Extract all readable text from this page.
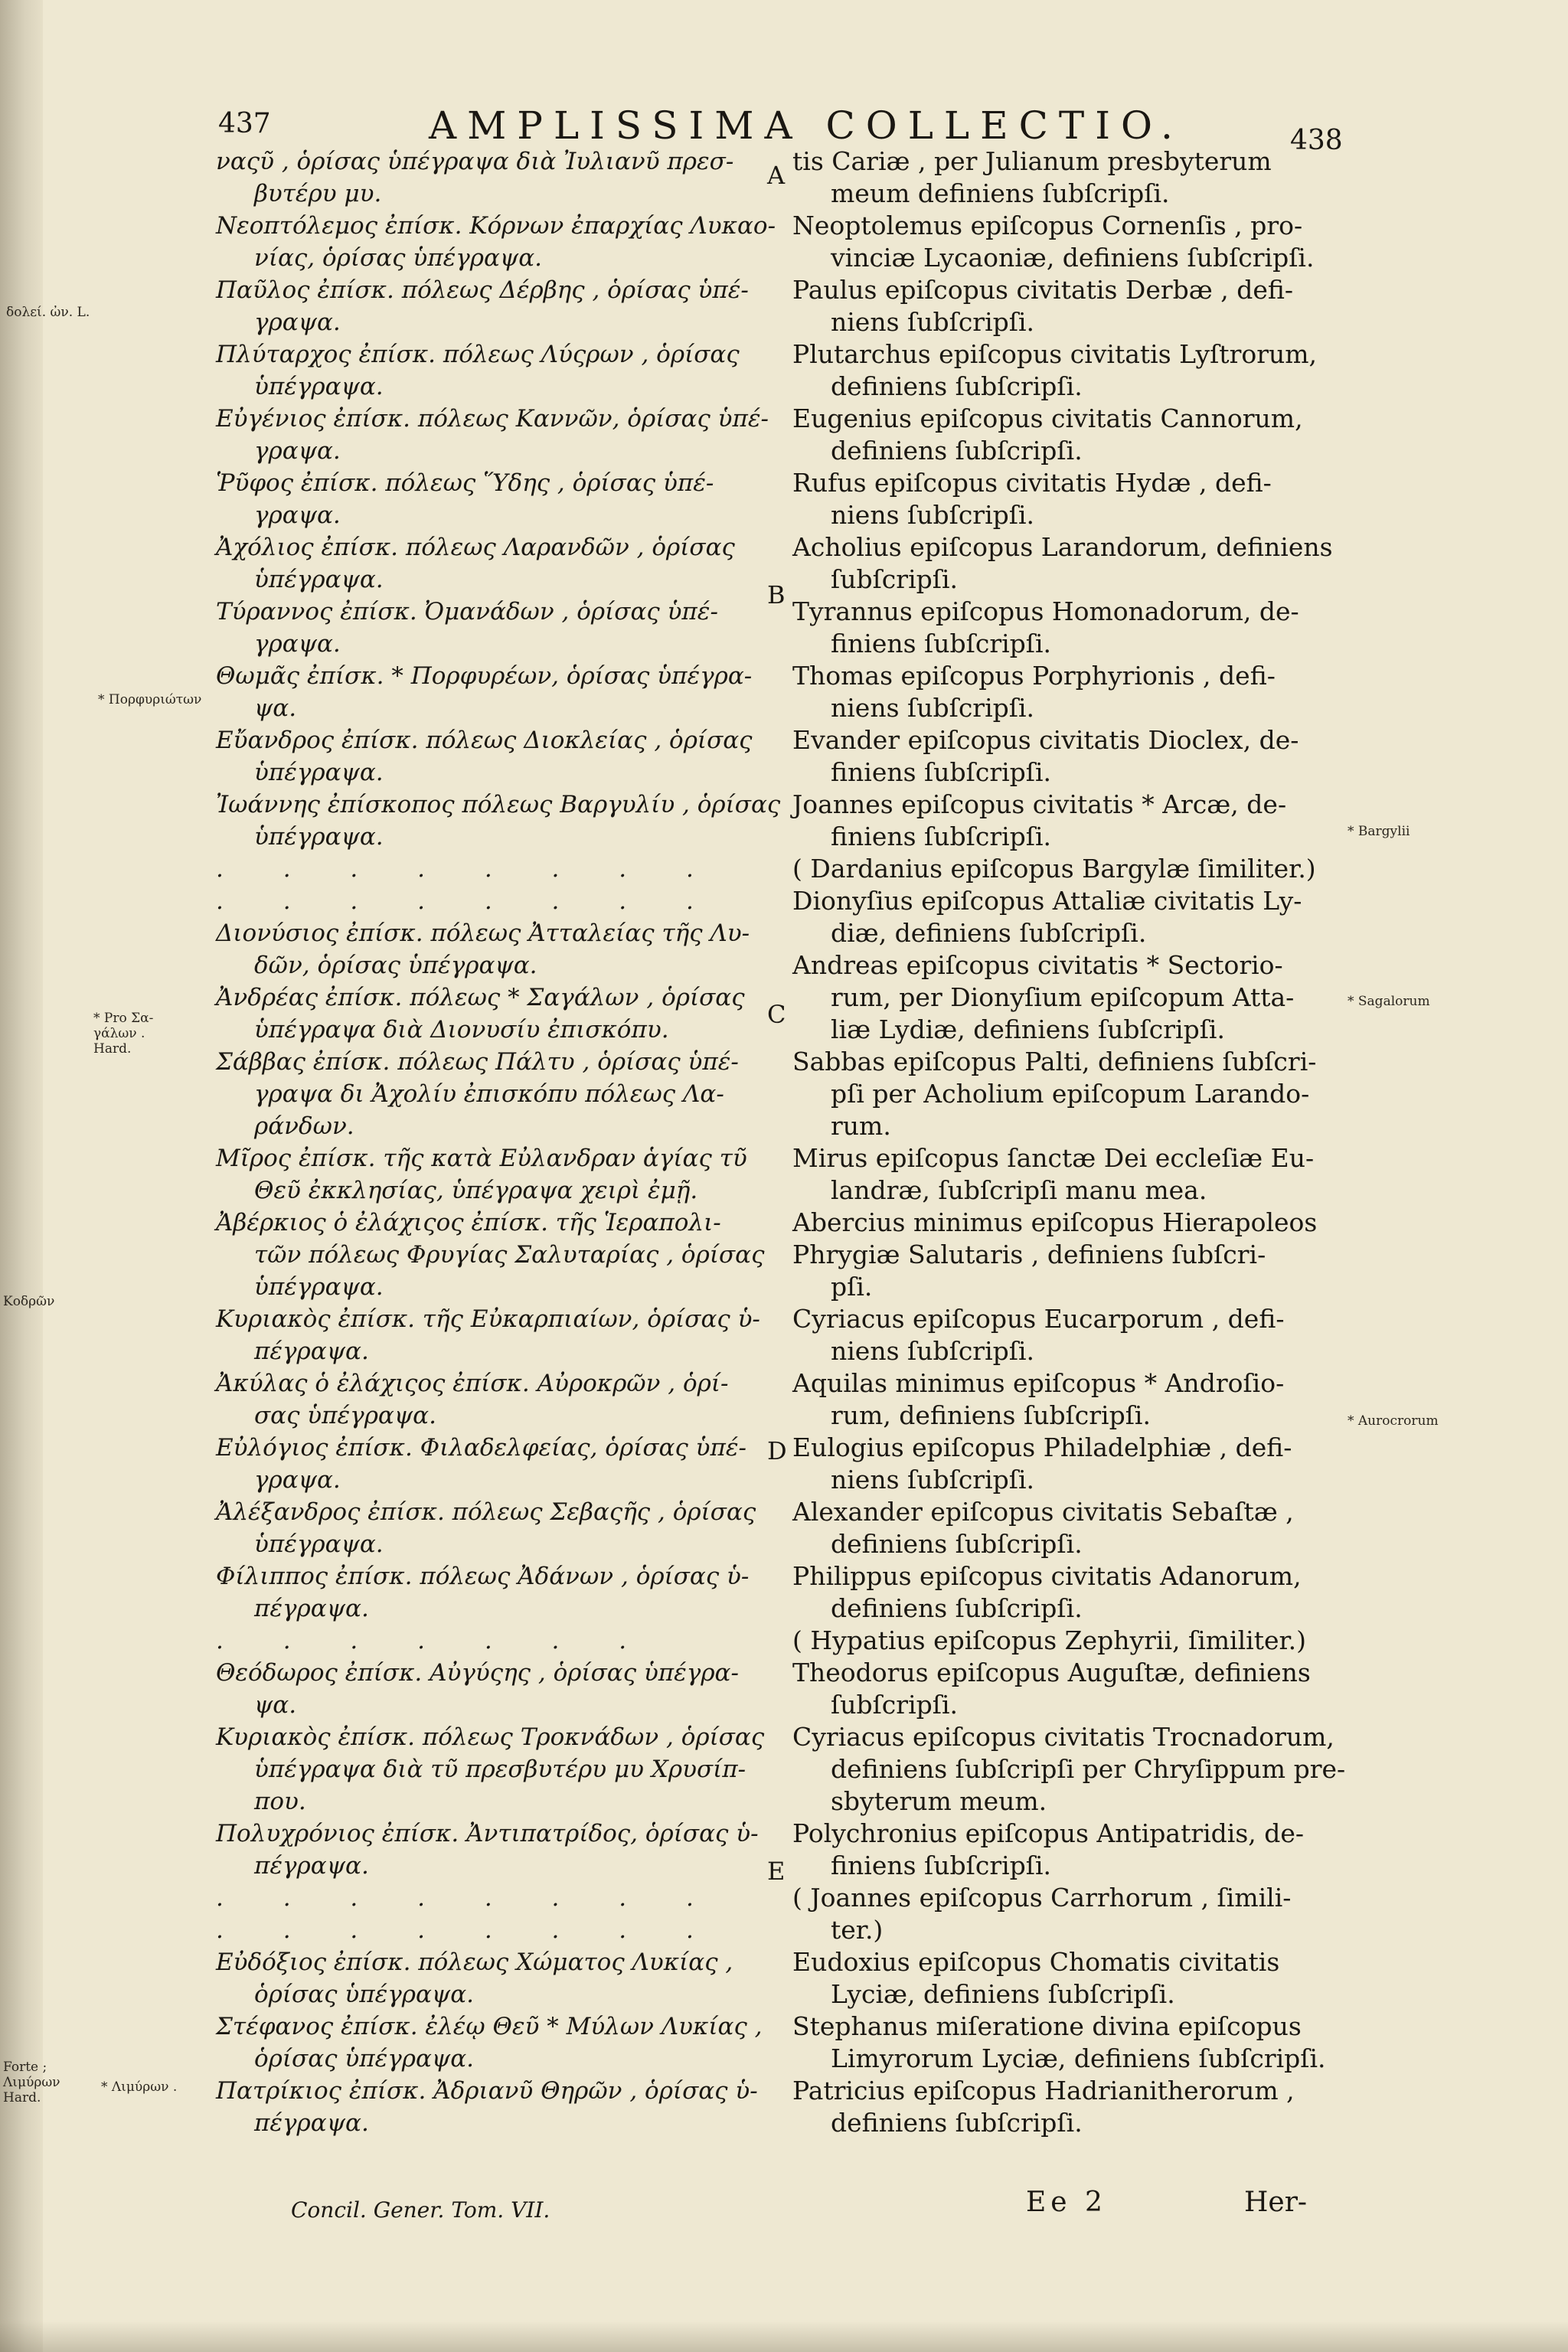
437	AMPLISSIMA COLLECTIO.	438
ναςῦ , ὁρίσας ὑπέγραψα διὰ Ἰυλιανῦ πρεσ-
βυτέρυ μυ.
Νεοπτόλεμος ἐπίσκ. Κόρνων ἐπαρχίας Λυκαο-
νίας, ὁρίσας ὑπέγραψα.
Παῦλος ἐπίσκ. πόλεως Δέρβης , ὁρίσας ὑπέ-
γραψα.
Πλύταρχος ἐπίσκ. πόλεως Λύςρων , ὁρίσας
ὑπέγραψα.
Εὐγένιος ἐπίσκ. πόλεως Καννῶν, ὁρίσας ὑπέ-
γραψα.
Ῥῦφος ἐπίσκ. πόλεως Ὕδης , ὁρίσας ὑπέ-
γραψα.
Ἀχόλιος ἐπίσκ. πόλεως Λαρανδῶν , ὁρίσας
ὑπέγραψα.
Τύραννος ἐπίσκ. Ὀμανάδων , ὁρίσας ὑπέ-
γραψα.
Θωμᾶς ἐπίσκ. * Πορφυρέων, ὁρίσας ὑπέγρα-
ψα.
Εὔανδρος ἐπίσκ. πόλεως Διοκλείας , ὁρίσας
ὑπέγραψα.
Ἰωάννης ἐπίσκοπος πόλεως Βαργυλίυ , ὁρίσας
ὑπέγραψα.
. . . . . . . .
. . . . . . . .
Διονύσιος ἐπίσκ. πόλεως Ἀτταλείας τῆς Λυ-
δῶν, ὁρίσας ὑπέγραψα.
Ἀνδρέας ἐπίσκ. πόλεως * Σαγάλων , ὁρίσας
ὑπέγραψα διὰ Διονυσίυ ἐπισκόπυ.
Σάββας ἐπίσκ. πόλεως Πάλτυ , ὁρίσας ὑπέ-
γραψα δι Ἀχολίυ ἐπισκόπυ πόλεως Λα-
ράνδων.
Μῖρος ἐπίσκ. τῆς κατὰ Εὐλανδραν ἁγίας τῦ
Θεῦ ἐκκλησίας, ὑπέγραψα χειρὶ ἐμῇ.
Ἀβέρκιος ὁ ἐλάχιςος ἐπίσκ. τῆς Ἱεραπολι-
τῶν πόλεως Φρυγίας Σαλυταρίας , ὁρίσας
ὑπέγραψα.
Κυριακὸς ἐπίσκ. τῆς Εὐκαρπιαίων, ὁρίσας ὑ-
πέγραψα.
Ἀκύλας ὁ ἐλάχιςος ἐπίσκ. Αὐροκρῶν , ὁρί-
σας ὑπέγραψα.
Εὐλόγιος ἐπίσκ. Φιλαδελφείας, ὁρίσας ὑπέ-
γραψα.
Ἀλέξανδρος ἐπίσκ. πόλεως Σεβαςῆς , ὁρίσας
ὑπέγραψα.
Φίλιππος ἐπίσκ. πόλεως Ἀδάνων , ὁρίσας ὑ-
πέγραψα.
. . . . . . .
Θεόδωρος ἐπίσκ. Αὐγύςης , ὁρίσας ὑπέγρα-
ψα.
Κυριακὸς ἐπίσκ. πόλεως Τροκνάδων , ὁρίσας
ὑπέγραψα διὰ τῦ πρεσβυτέρυ μυ Χρυσίπ-
που.
Πολυχρόνιος ἐπίσκ. Ἀντιπατρίδος, ὁρίσας ὑ-
πέγραψα.
. . . . . . . .
. . . . . . . .
Εὐδόξιος ἐπίσκ. πόλεως Χώματος Λυκίας ,
ὁρίσας ὑπέγραψα.
Στέφανος ἐπίσκ. ἐλέῳ Θεῦ * Μύλων Λυκίας ,
ὁρίσας ὑπέγραψα.
Πατρίκιος ἐπίσκ. Ἀδριανῦ Θηρῶν , ὁρίσας ὑ-
πέγραψα.
A
B
C
D
E
tis Cariæ , per Julianum presbyterum
meum definiens ſubſcripſi.
Neoptolemus epiſcopus Cornenſis , pro-
vinciæ Lycaoniæ, definiens ſubſcripſi.
Paulus epiſcopus civitatis Derbæ , defi-
niens ſubſcripſi.
Plutarchus epiſcopus civitatis Lyſtrorum,
definiens ſubſcripſi.
Eugenius epiſcopus civitatis Cannorum,
definiens ſubſcripſi.
Rufus epiſcopus civitatis Hydæ , defi-
niens ſubſcripſi.
Acholius epiſcopus Larandorum, definiens
ſubſcripſi.
Tyrannus epiſcopus Homonadorum, de-
finiens ſubſcripſi.
Thomas epiſcopus Porphyrionis , defi-
niens ſubſcripſi.
Evander epiſcopus civitatis Dioclex, de-
finiens ſubſcripſi.
Joannes epiſcopus civitatis * Arcæ, de-
finiens ſubſcripſi.
( Dardanius epiſcopus Bargylæ ſimiliter.)
Dionyſius epiſcopus Attaliæ civitatis Ly-
diæ, definiens ſubſcripſi.
Andreas epiſcopus civitatis * Sectorio-
rum, per Dionyſium epiſcopum Atta-
liæ Lydiæ, definiens ſubſcripſi.
Sabbas epiſcopus Palti, definiens ſubſcri-
pſi per Acholium epiſcopum Larando-
rum.
Mirus epiſcopus ſanctæ Dei eccleſiæ Eu-
landræ, ſubſcripſi manu mea.
Abercius minimus epiſcopus Hierapoleos
Phrygiæ Salutaris , definiens ſubſcri-
pſi.
Cyriacus epiſcopus Eucarporum , defi-
niens ſubſcripſi.
Aquilas minimus epiſcopus * Androſio-
rum, definiens ſubſcripſi.
Eulogius epiſcopus Philadelphiæ , defi-
niens ſubſcripſi.
Alexander epiſcopus civitatis Sebaſtæ ,
definiens ſubſcripſi.
Philippus epiſcopus civitatis Adanorum,
definiens ſubſcripſi.
( Hypatius epiſcopus Zephyrii, ſimiliter.)
Theodorus epiſcopus Auguſtæ, definiens
ſubſcripſi.
Cyriacus epiſcopus civitatis Trocnadorum,
definiens ſubſcripſi per Chryſippum pre-
sbyterum meum.
Polychronius epiſcopus Antipatridis, de-
finiens ſubſcripſi.
( Joannes epiſcopus Carrhorum , ſimili-
ter.)
Eudoxius epiſcopus Chomatis civitatis
Lyciæ, definiens ſubſcripſi.
Stephanus miſeratione divina epiſcopus
Limyrorum Lyciæ, definiens ſubſcripſi.
Patricius epiſcopus Hadrianitherorum ,
definiens ſubſcripſi.
δολεί. ὠν. L.
* Πορφυριώτων
* Pro Σα- γάλων . Hard.
Κοδρῶν
Forte ; Λιμύρων Hard.
* Λιμύρων .
* Bargylii
* Sagalorum
* Aurocrorum
Concil. Gener. Tom. VII.	Ee 2	Her-
